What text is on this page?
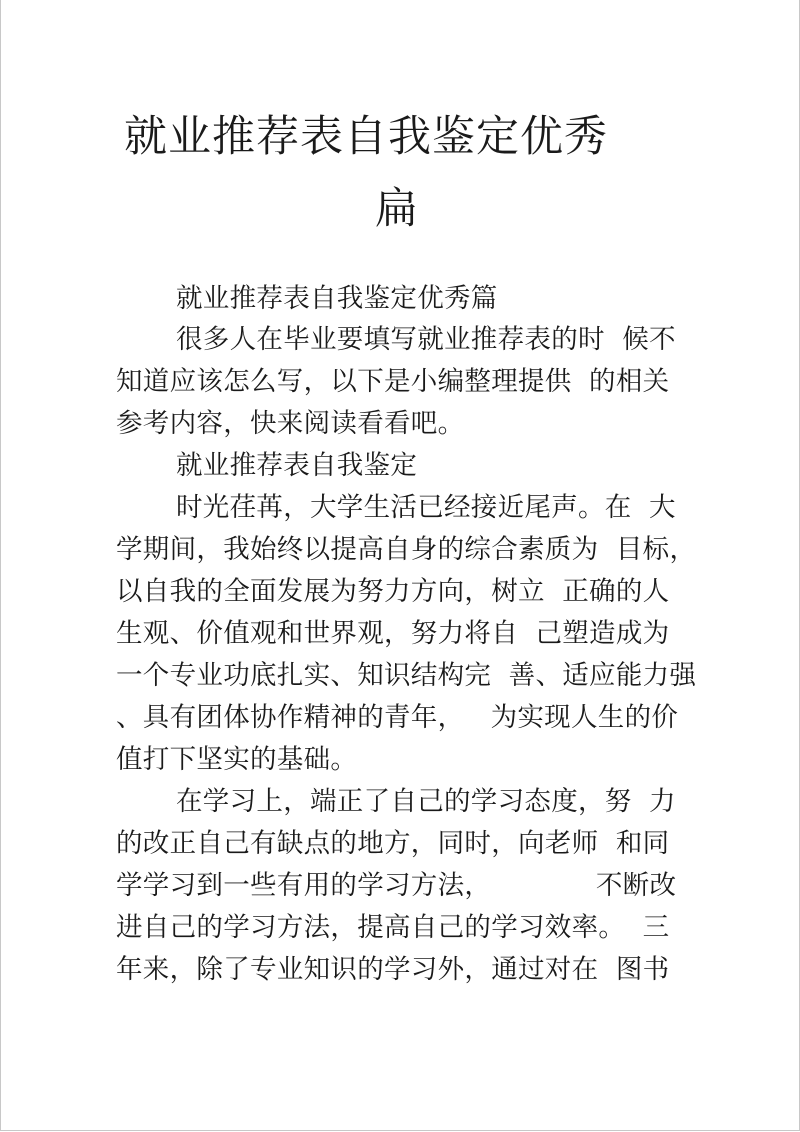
就业推荐表自我鉴定优秀
扁
就业推荐表自我鉴定优秀篇
很多人在毕业要填写就业推荐表的时  候不
知道应该怎么写，以下是小编整理提供  的相关
参考内容，快来阅读看看吧。
就业推荐表自我鉴定
时光荏苒，大学生活已经接近尾声。在  大
学期间，我始终以提高自身的综合素质为  目标，
以自我的全面发展为努力方向，树立  正确的人
生观、价值观和世界观，努力将自  己塑造成为
一个专业功底扎实、知识结构完  善、适应能力强
、具有团体协作精神的青年，   为实现人生的价
值打下坚实的基础。
在学习上，端正了自己的学习态度，努  力
的改正自己有缺点的地方，同时，向老师  和同
学学习到一些有用的学习方法，            不断改
进自己的学习方法，提高自己的学习效率。  三
年来，除了专业知识的学习外，通过对在  图书
